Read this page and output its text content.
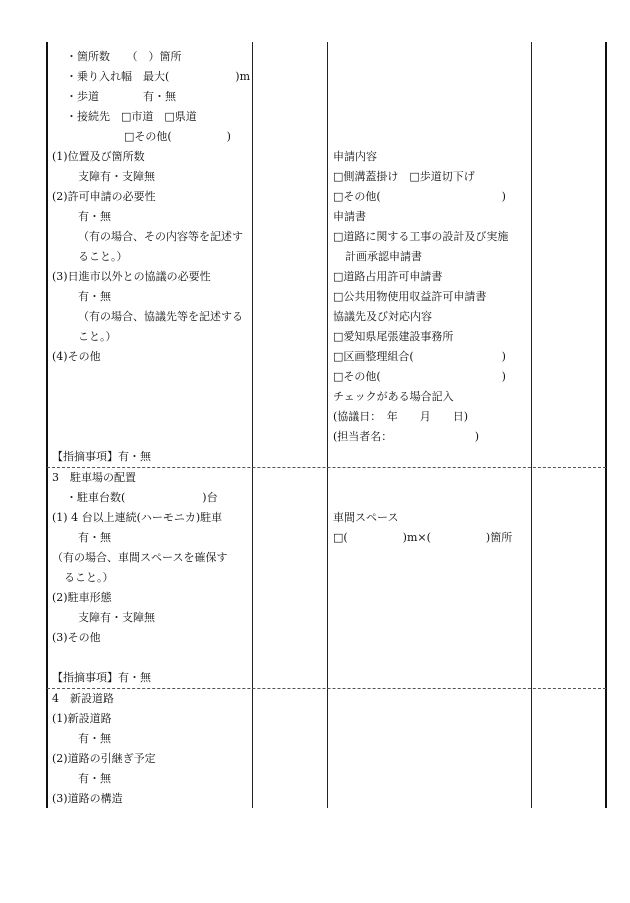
・箇所数　　（　）箇所
・乗り入れ幅　最大(　　　　　　)m
・歩道　　　　有・無
・接続先　□市道　□県道
□その他(　　　　　)
(1)位置及び箇所数
支障有・支障無
(2)許可申請の必要性
有・無
（有の場合、その内容等を記述す
ること。）
(3)日進市以外との協議の必要性
有・無
（有の場合、協議先等を記述する
こと。）
(4)その他
【指摘事項】有・無
3　駐車場の配置
・駐車台数(　　　　　　　)台
(1) 4 台以上連続(ハーモニカ)駐車
有・無
（有の場合、車間スペースを確保す
ること。）
(2)駐車形態
支障有・支障無
(3)その他
【指摘事項】有・無
4　新設道路
(1)新設道路
有・無
(2)道路の引継ぎ予定
有・無
(3)道路の構造
申請内容
□側溝蓋掛け　□歩道切下げ
□その他(　　　　　　　　　　　)
申請書
□道路に関する工事の設計及び実施
計画承認申請書
□道路占用許可申請書
□公共用物使用収益許可申請書
協議先及び対応内容
□愛知県尾張建設事務所
□区画整理組合(　　　　　　　　)
□その他(　　　　　　　　　　　)
チェックがある場合記入
(協議日：　年　　月　　日)
(担当者名：　　　　　　　　)
車間スペース
□(　　　　　)m×(　　　　　)箇所
